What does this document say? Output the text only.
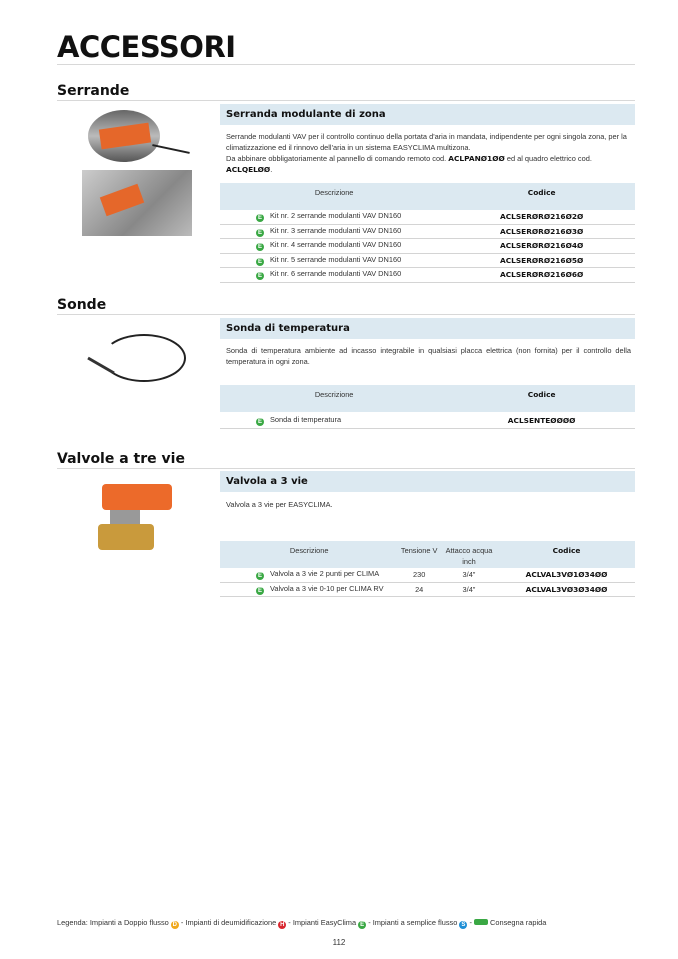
ACCESSORI
Serrande
Serranda modulante di zona
Serrande modulanti VAV per il controllo continuo della portata d'aria in mandata, indipendente per ogni singola zona, per la climatizzazione ed il rinnovo dell'aria in un sistema EASYCLIMA multizona.
Da abbinare obbligatoriamente al pannello di comando remoto cod. ACLPANØ1ØØ ed al quadro elettrico cod. ACLQELØØ.
Descrizione	Codice
E Kit nr. 2 serrande modulanti VAV DN160	ACLSERØRØ216Ø2Ø
E Kit nr. 3 serrande modulanti VAV DN160	ACLSERØRØ216Ø3Ø
E Kit nr. 4 serrande modulanti VAV DN160	ACLSERØRØ216Ø4Ø
E Kit nr. 5 serrande modulanti VAV DN160	ACLSERØRØ216Ø5Ø
E Kit nr. 6 serrande modulanti VAV DN160	ACLSERØRØ216Ø6Ø
Sonde
Sonda di temperatura
Sonda di temperatura ambiente ad incasso integrabile in qualsiasi placca elettrica (non fornita) per il controllo della temperatura in ogni zona.
Descrizione	Codice
E Sonda di temperatura	ACLSENTEØØØØ
Valvole a tre vie
Valvola a 3 vie
Valvola a 3 vie per EASYCLIMA.
Descrizione	Tensione V	Attacco acqua inch	Codice
E Valvola a 3 vie 2 punti per CLIMA	230	3/4"	ACLVAL3VØ1Ø34ØØ
E Valvola a 3 vie 0-10 per CLIMA RV	24	3/4"	ACLVAL3VØ3Ø34ØØ
Legenda: Impianti a Doppio flusso D - Impianti di deumidificazione H - Impianti EasyClima E - Impianti a semplice flusso S -  Consegna rapida
112
